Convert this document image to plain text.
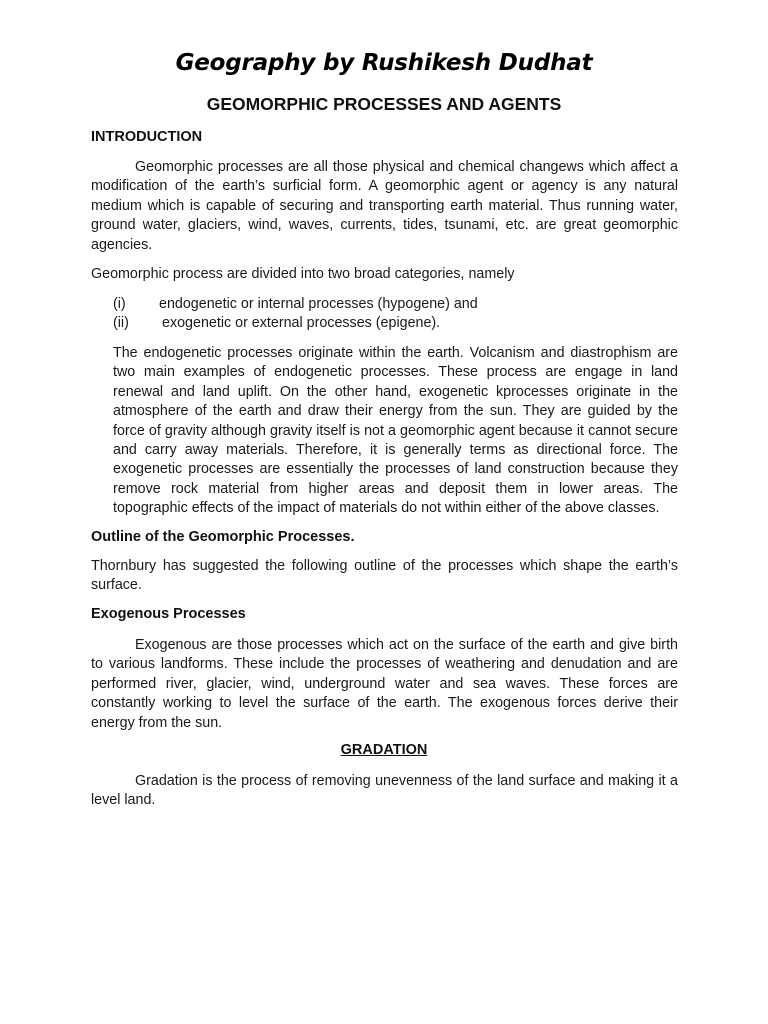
Geography by Rushikesh Dudhat
GEOMORPHIC PROCESSES AND AGENTS
INTRODUCTION
Geomorphic processes are all those physical and chemical changews which affect a modification of the earth’s surficial form. A geomorphic agent or agency is any natural medium which is capable of securing and transporting earth material. Thus running water, ground water, glaciers, wind, waves, currents, tides, tsunami, etc. are great geomorphic agencies.
Geomorphic process are divided into two broad categories, namely
(i)	endogenetic or internal processes (hypogene) and
(ii)	exogenetic or external processes (epigene).
The endogenetic processes originate within the earth. Volcanism and diastrophism are two main examples of endogenetic processes. These process are engage in land renewal and land uplift. On the other hand, exogenetic kprocesses originate in the atmosphere of the earth and draw their energy from the sun. They are guided by the force of gravity although gravity itself is not a geomorphic agent because it cannot secure and carry away materials. Therefore, it is generally terms as directional force. The exogenetic processes are essentially the processes of land construction because they remove rock material from higher areas and deposit them in lower areas. The topographic effects of the impact of materials do not within either of the above classes.
Outline of the Geomorphic Processes.
Thornbury has suggested the following outline of the processes which shape the earth’s surface.
Exogenous Processes
Exogenous are those processes which act on the surface of the earth and give birth to various landforms. These include the processes of weathering and denudation and are performed river, glacier, wind, underground water and sea waves. These forces are constantly working to level the surface of the earth. The exogenous forces derive their energy from the sun.
GRADATION
Gradation is the process of removing unevenness of the land surface and making it a level land.
